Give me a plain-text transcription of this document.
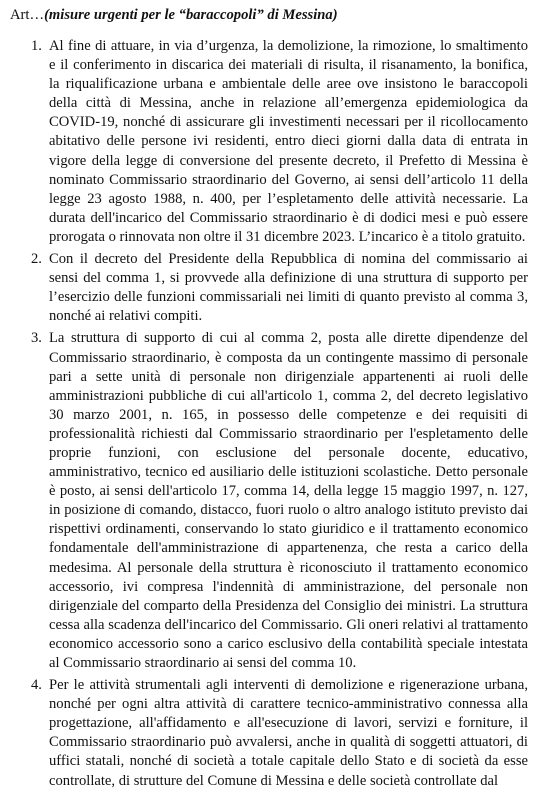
Art…(misure urgenti per le “baraccopoli” di Messina)
1. Al fine di attuare, in via d’urgenza, la demolizione, la rimozione, lo smaltimento e il conferimento in discarica dei materiali di risulta, il risanamento, la bonifica, la riqualificazione urbana e ambientale delle aree ove insistono le baraccopoli della città di Messina, anche in relazione all’emergenza epidemiologica da COVID-19, nonché di assicurare gli investimenti necessari per il ricollocamento abitativo delle persone ivi residenti, entro dieci giorni dalla data di entrata in vigore della legge di conversione del presente decreto, il Prefetto di Messina è nominato Commissario straordinario del Governo, ai sensi dell’articolo 11 della legge 23 agosto 1988, n. 400, per l’espletamento delle attività necessarie. La durata dell'incarico del Commissario straordinario è di dodici mesi e può essere prorogata o rinnovata non oltre il 31 dicembre 2023. L’incarico è a titolo gratuito.
2. Con il decreto del Presidente della Repubblica di nomina del commissario ai sensi del comma 1, si provvede alla definizione di una struttura di supporto per l’esercizio delle funzioni commissariali nei limiti di quanto previsto al comma 3, nonché ai relativi compiti.
3. La struttura di supporto di cui al comma 2, posta alle dirette dipendenze del Commissario straordinario, è composta da un contingente massimo di personale pari a sette unità di personale non dirigenziale appartenenti ai ruoli delle amministrazioni pubbliche di cui all'articolo 1, comma 2, del decreto legislativo 30 marzo 2001, n. 165, in possesso delle competenze e dei requisiti di professionalità richiesti dal Commissario straordinario per l'espletamento delle proprie funzioni, con esclusione del personale docente, educativo, amministrativo, tecnico ed ausiliario delle istituzioni scolastiche. Detto personale è posto, ai sensi dell'articolo 17, comma 14, della legge 15 maggio 1997, n. 127, in posizione di comando, distacco, fuori ruolo o altro analogo istituto previsto dai rispettivi ordinamenti, conservando lo stato giuridico e il trattamento economico fondamentale dell'amministrazione di appartenenza, che resta a carico della medesima. Al personale della struttura è riconosciuto il trattamento economico accessorio, ivi compresa l'indennità di amministrazione, del personale non dirigenziale del comparto della Presidenza del Consiglio dei ministri. La struttura cessa alla scadenza dell'incarico del Commissario. Gli oneri relativi al trattamento economico accessorio sono a carico esclusivo della contabilità speciale intestata al Commissario straordinario ai sensi del comma 10.
4. Per le attività strumentali agli interventi di demolizione e rigenerazione urbana, nonché per ogni altra attività di carattere tecnico-amministrativo connessa alla progettazione, all'affidamento e all'esecuzione di lavori, servizi e forniture, il Commissario straordinario può avvalersi, anche in qualità di soggetti attuatori, di uffici statali, nonché di società a totale capitale dello Stato e di società da esse controllate, di strutture del Comune di Messina e delle società controllate dal
